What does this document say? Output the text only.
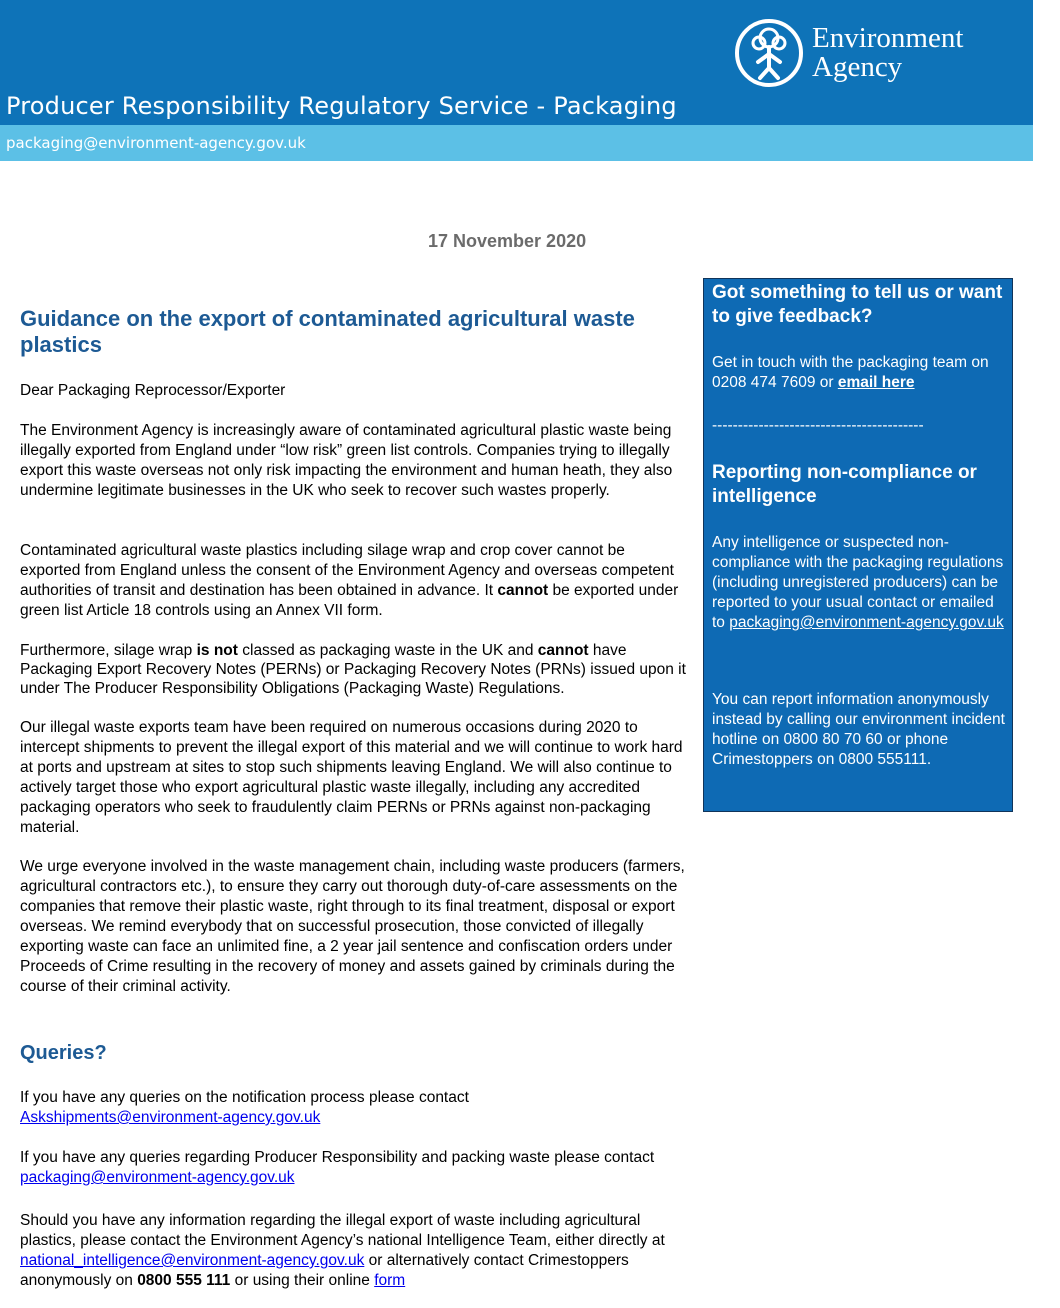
Environment
Agency
Producer Responsibility Regulatory Service - Packaging
packaging@environment-agency.gov.uk
17 November 2020
Guidance on the export of contaminated agricultural waste plastics

Dear Packaging Reprocessor/Exporter

The Environment Agency is increasingly aware of contaminated agricultural plastic waste being illegally exported from England under “low risk” green list controls. Companies trying to illegally export this waste overseas not only risk impacting the environment and human heath, they also undermine legitimate businesses in the UK who seek to recover such wastes properly.

Contaminated agricultural waste plastics including silage wrap and crop cover cannot be exported from England unless the consent of the Environment Agency and overseas competent authorities of transit and destination has been obtained in advance. It cannot be exported under green list Article 18 controls using an Annex VII form.

Furthermore, silage wrap is not classed as packaging waste in the UK and cannot have Packaging Export Recovery Notes (PERNs) or Packaging Recovery Notes (PRNs) issued upon it under The Producer Responsibility Obligations (Packaging Waste) Regulations.

Our illegal waste exports team have been required on numerous occasions during 2020 to intercept shipments to prevent the illegal export of this material and we will continue to work hard at ports and upstream at sites to stop such shipments leaving England. We will also continue to actively target those who export agricultural plastic waste illegally, including any accredited packaging operators who seek to fraudulently claim PERNs or PRNs against non-packaging material.

We urge everyone involved in the waste management chain, including waste producers (farmers, agricultural contractors etc.), to ensure they carry out thorough duty-of-care assessments on the companies that remove their plastic waste, right through to its final treatment, disposal or export overseas. We remind everybody that on successful prosecution, those convicted of illegally exporting waste can face an unlimited fine, a 2 year jail sentence and confiscation orders under Proceeds of Crime resulting in the recovery of money and assets gained by criminals during the course of their criminal activity.

Queries?

If you have any queries on the notification process please contact
Askshipments@environment-agency.gov.uk

If you have any queries regarding Producer Responsibility and packing waste please contact packaging@environment-agency.gov.uk

Should you have any information regarding the illegal export of waste including agricultural plastics, please contact the Environment Agency’s national Intelligence Team, either directly at national_intelligence@environment-agency.gov.uk or alternatively contact Crimestoppers anonymously on 0800 555 111 or using their online form

Got something to tell us or want to give feedback?
Get in touch with the packaging team on 0208 474 7609 or email here
-----------------------------------------
Reporting non-compliance or intelligence
Any intelligence or suspected non-compliance with the packaging regulations (including unregistered producers) can be reported to your usual contact or emailed to packaging@environment-agency.gov.uk
You can report information anonymously instead by calling our environment incident hotline on 0800 80 70 60 or phone Crimestoppers on 0800 555111.
